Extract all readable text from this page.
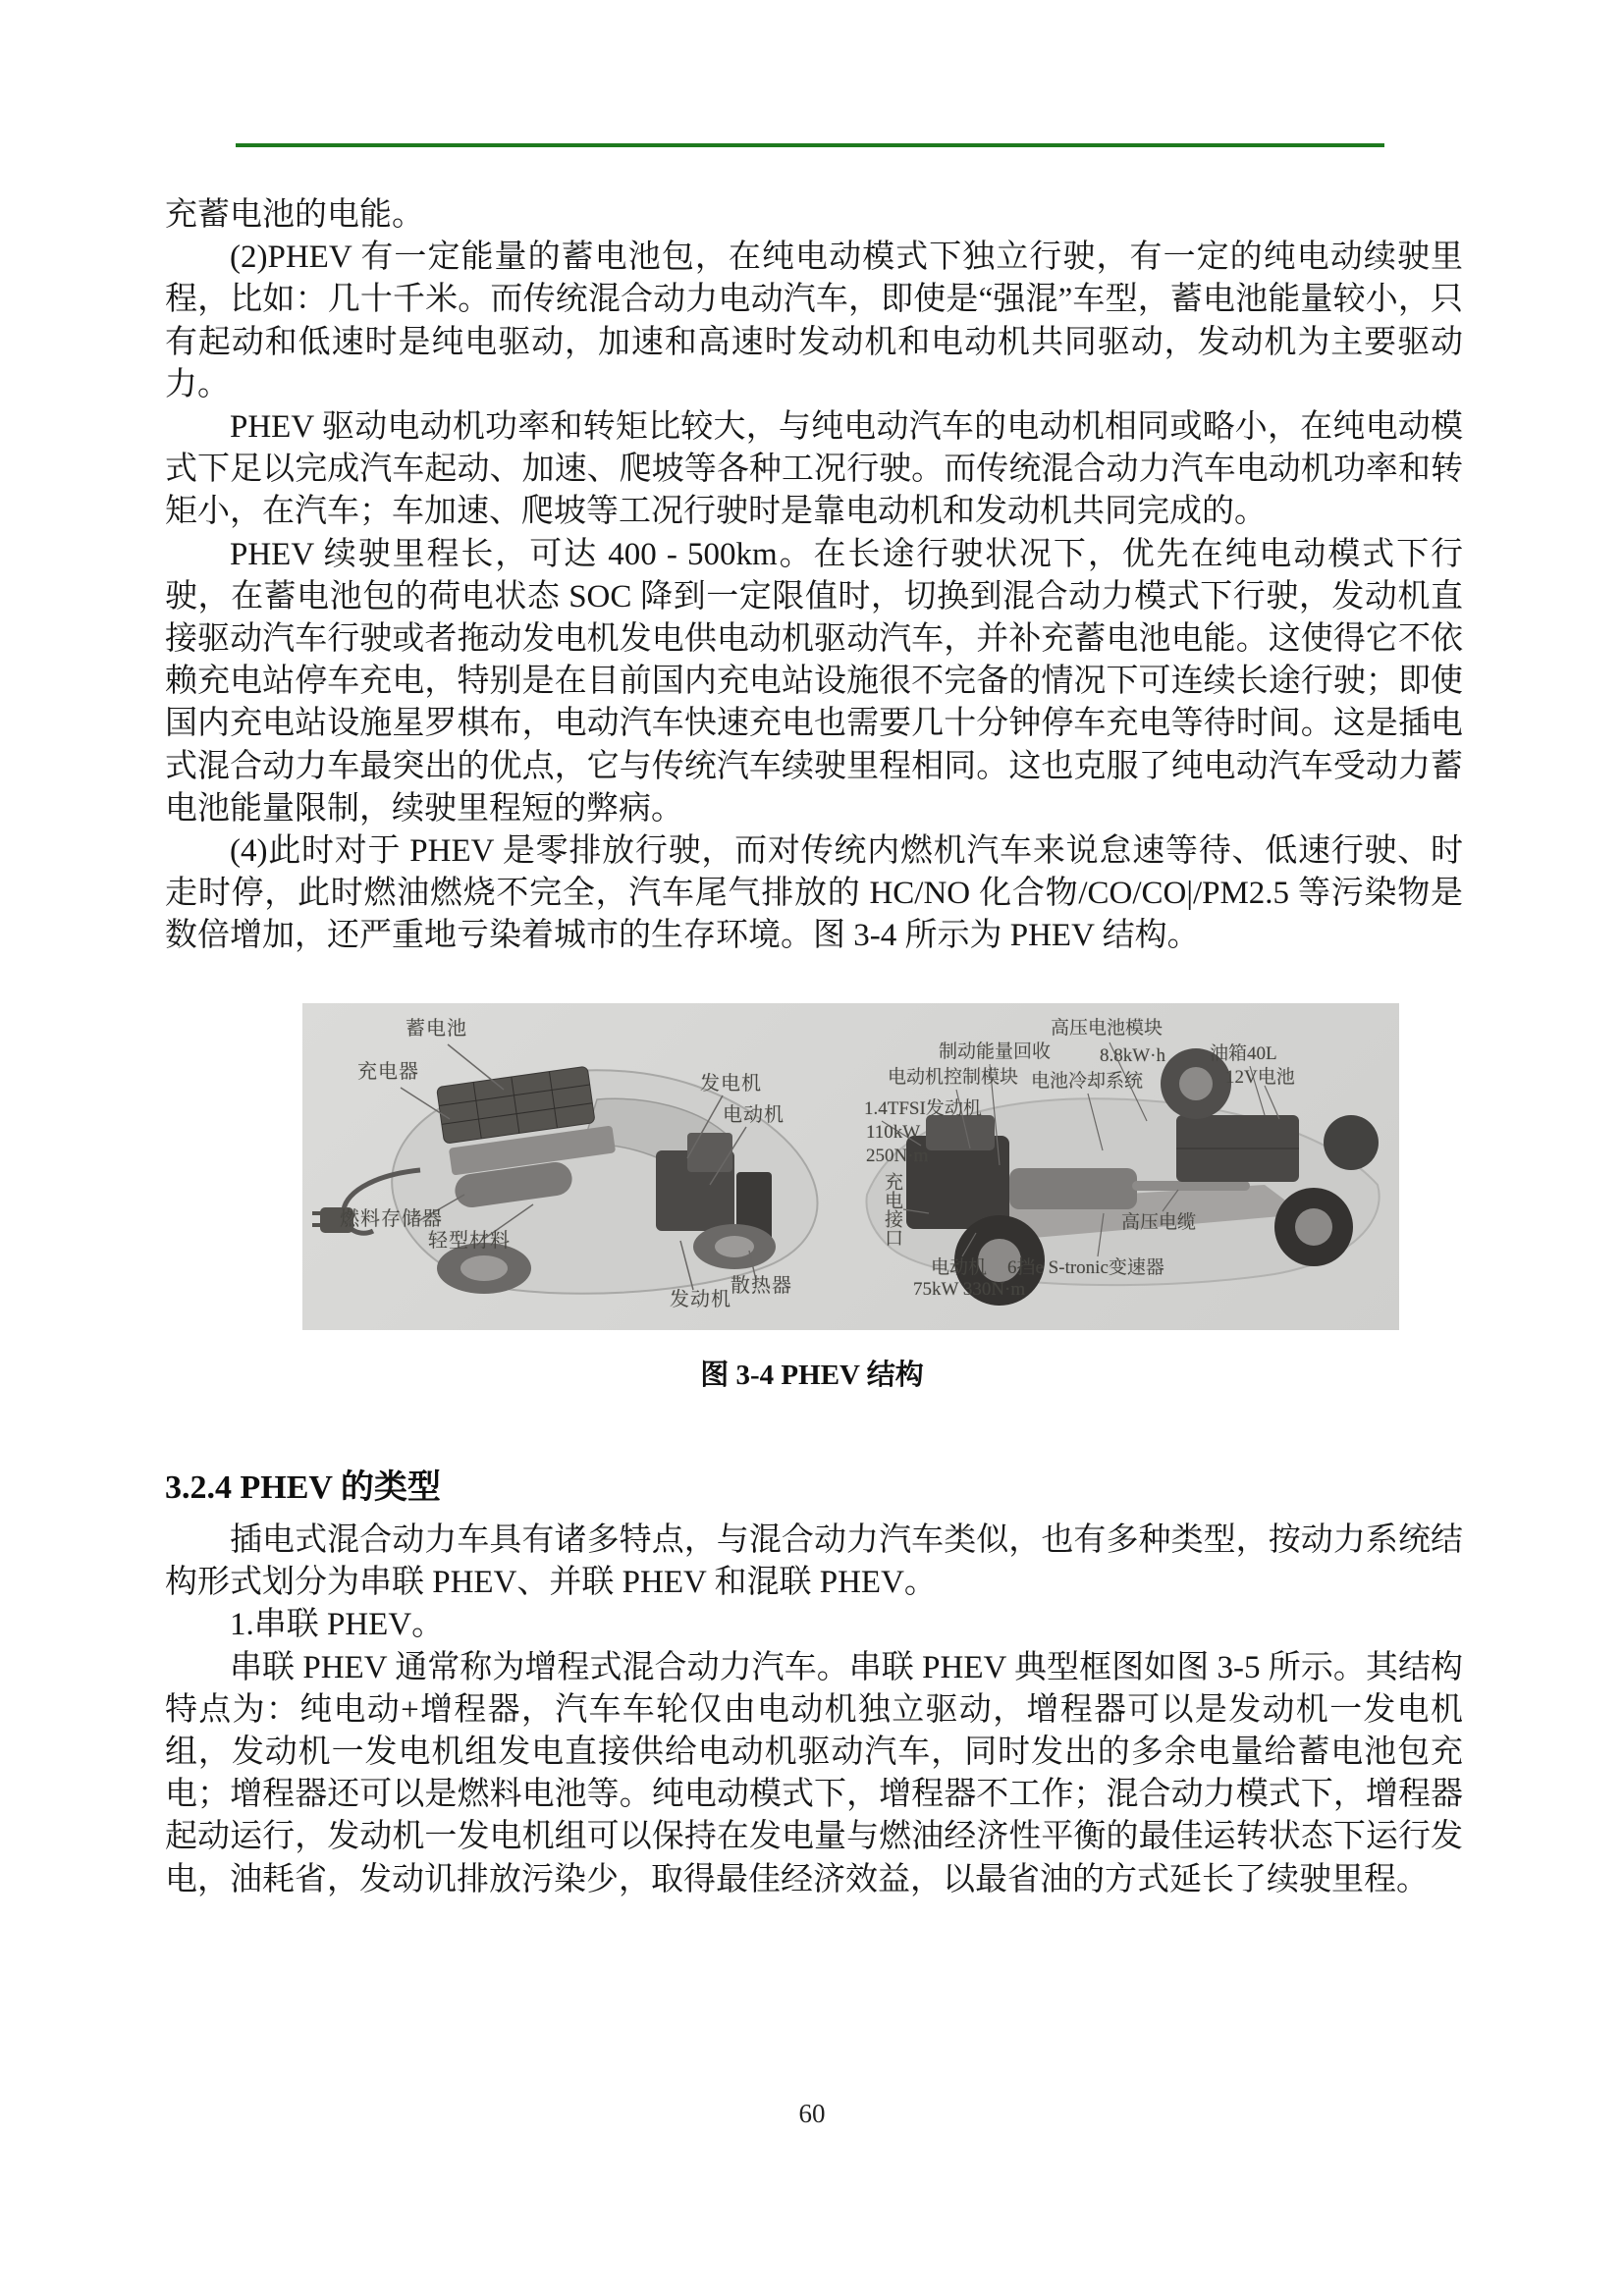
充蓄电池的电能。

(2)PHEV 有一定能量的蓄电池包，在纯电动模式下独立行驶，有一定的纯电动续驶里程，比如：几十千米。而传统混合动力电动汽车，即使是“强混”车型，蓄电池能量较小，只有起动和低速时是纯电驱动，加速和高速时发动机和电动机共同驱动，发动机为主要驱动力。

PHEV 驱动电动机功率和转矩比较大，与纯电动汽车的电动机相同或略小，在纯电动模式下足以完成汽车起动、加速、爬坡等各种工况行驶。而传统混合动力汽车电动机功率和转矩小，在汽车；车加速、爬坡等工况行驶时是靠电动机和发动机共同完成的。

PHEV 续驶里程长，可达 400 - 500km。在长途行驶状况下，优先在纯电动模式下行驶，在蓄电池包的荷电状态 SOC 降到一定限值时，切换到混合动力模式下行驶，发动机直接驱动汽车行驶或者拖动发电机发电供电动机驱动汽车，并补充蓄电池电能。这使得它不依赖充电站停车充电，特别是在目前国内充电站设施很不完备的情况下可连续长途行驶；即使国内充电站设施星罗棋布，电动汽车快速充电也需要几十分钟停车充电等待时间。这是插电式混合动力车最突出的优点，它与传统汽车续驶里程相同。这也克服了纯电动汽车受动力蓄电池能量限制，续驶里程短的弊病。

(4)此时对于 PHEV 是零排放行驶，而对传统内燃机汽车来说怠速等待、低速行驶、时走时停，此时燃油燃烧不完全，汽车尾气排放的 HC/NO 化合物/CO/CO|/PM2.5 等污染物是数倍增加，还严重地亏染着城市的生存环境。图 3-4 所示为 PHEV 结构。

蓄电池
充电器
发电机
电动机
燃料存储器
轻型材料
发动机
散热器
制动能量回收
高压电池模块
8.8kW·h 油箱40L
12V电池
电动机控制模块 电池冷却系统
1.4TFSI发动机
110kW
250N·m
充电接口	高压电缆
电动机
75kW 330N·m
6挡e S-tronic变速器
图 3-4 PHEV 结构
3.2.4 PHEV 的类型

插电式混合动力车具有诸多特点，与混合动力汽车类似，也有多种类型，按动力系统结构形式划分为串联 PHEV、并联 PHEV 和混联 PHEV。

1.串联 PHEV。

串联 PHEV 通常称为增程式混合动力汽车。串联 PHEV 典型框图如图 3-5 所示。其结构特点为：纯电动+增程器，汽车车轮仅由电动机独立驱动，增程器可以是发动机一发电机组，发动机一发电机组发电直接供给电动机驱动汽车，同时发出的多余电量给蓄电池包充电；增程器还可以是燃料电池等。纯电动模式下，增程器不工作；混合动力模式下，增程器起动运行，发动机一发电机组可以保持在发电量与燃油经济性平衡的最佳运转状态下运行发电，油耗省，发动讥排放污染少，取得最佳经济效益，以最省油的方式延长了续驶里程。

60
